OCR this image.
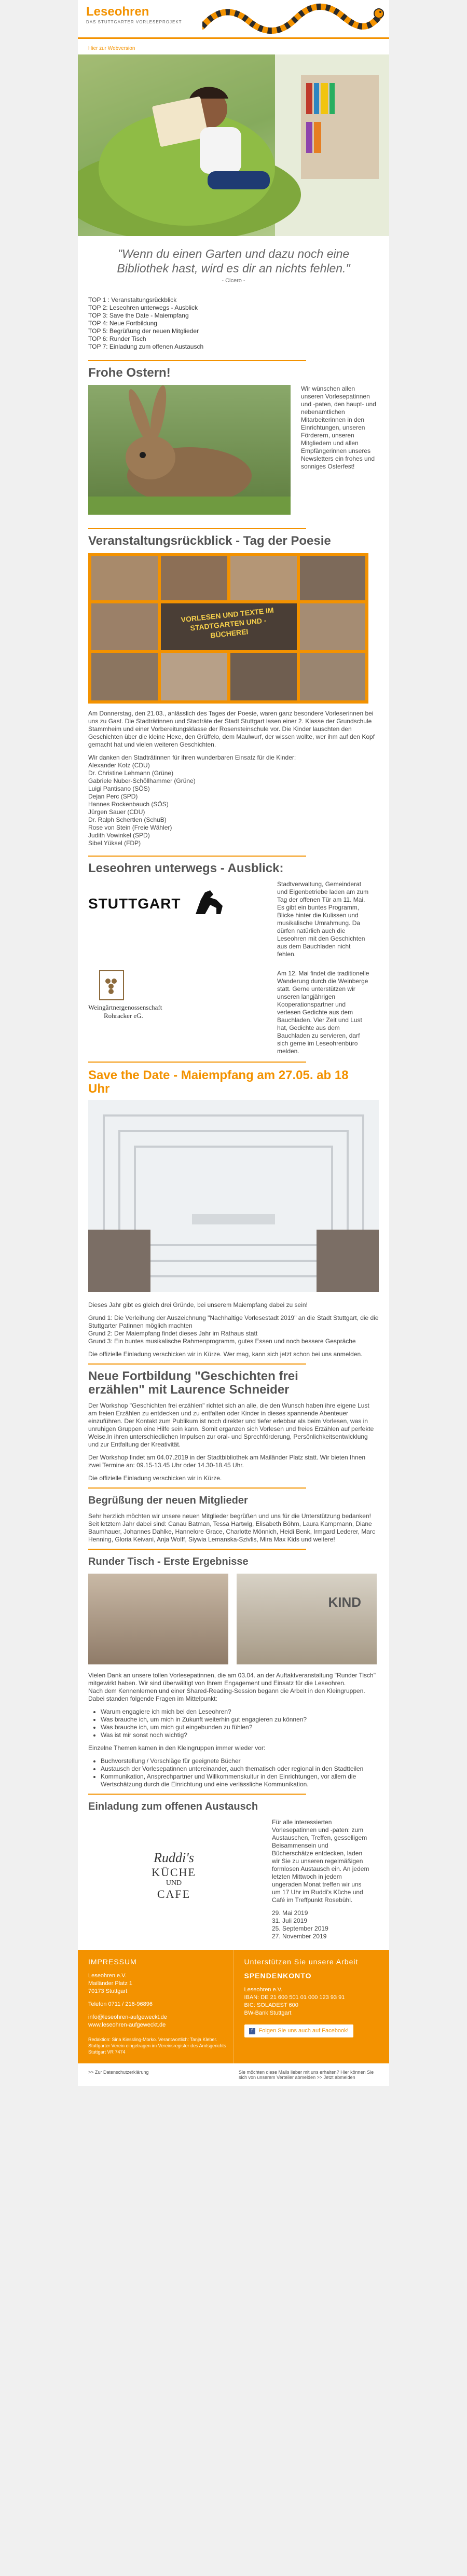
Leseohren
DAS STUTTGARTER VORLESEPROJEKT
Hier zur Webversion
"Wenn du einen Garten und dazu noch eine Bibliothek hast, wird es dir an nichts fehlen."
- Cicero -
TOP 1 : Veranstaltungsrückblick
TOP 2: Leseohren unterwegs - Ausblick
TOP 3: Save the Date - Maiempfang
TOP 4: Neue Fortbildung
TOP 5: Begrüßung der neuen Mitglieder
TOP 6: Runder Tisch
TOP 7: Einladung zum offenen Austausch
Frohe Ostern!

Wir wünschen allen unseren Vorlesepatinnen und -paten, den haupt- und nebenamtlichen Mitarbeiterinnen in den Einrichtungen, unseren Förderern, unseren Mitgliedern und allen Empfängerinnen unseres Newsletters ein frohes und sonniges Osterfest!

Veranstaltungsrückblick - Tag der Poesie
VORLESEN UND TEXTE IM STADTGARTEN UND -BÜCHEREI

Am Donnerstag, den 21.03., anlässlich des Tages der Poesie, waren ganz besondere Vorleserinnen bei uns zu Gast. Die Stadträtinnen und Stadträte der Stadt Stuttgart lasen einer 2. Klasse der Grundschule Stammheim und einer Vorbereitungsklasse der Rosensteinschule vor. Die Kinder lauschten den Geschichten über die kleine Hexe, den Grüffelo, dem Maulwurf, der wissen wollte, wer ihm auf den Kopf gemacht hat und vielen weiteren Geschichten.

Wir danken den Stadträtinnen für ihren wunderbaren Einsatz für die Kinder:

Alexander Kotz (CDU)
Dr. Christine Lehmann (Grüne)
Gabriele Nuber-Schöllhammer (Grüne)
Luigi Pantisano (SÖS)
Dejan Perc (SPD)
Hannes Rockenbauch (SÖS)
Jürgen Sauer (CDU)
Dr. Ralph Schertlen (SchuB)
Rose von Stein (Freie Wähler)
Judith Vowinkel (SPD)
Sibel Yüksel (FDP)
Leseohren unterwegs - Ausblick:
STUTTGART

Stadtverwaltung, Gemeinderat und Eigenbetriebe laden am zum Tag der offenen Tür am 11. Mai. Es gibt ein buntes Programm, Blicke hinter die Kulissen und musikalische Umrahmung. Da dürfen natürlich auch die Leseohren mit den Geschichten aus dem Bauchladen nicht fehlen.

Weingärtnergenossenschaft
Rohracker eG.

Am 12. Mai findet die traditionelle Wanderung durch die Weinberge statt. Gerne unterstützen wir unseren langjährigen Kooperationspartner und verlesen Gedichte aus dem Bauchladen. Vier Zeit und Lust hat, Gedichte aus dem Bauchladen zu servieren, darf sich gerne im Leseohrenbüro melden.

Save the Date - Maiempfang am 27.05. ab 18 Uhr

Dieses Jahr gibt es gleich drei Gründe, bei unserem Maiempfang dabei zu sein!

Grund 1: Die Verleihung der Auszeichnung "Nachhaltige Vorlesestadt 2019" an die Stadt Stuttgart, die die Stuttgarter Patinnen möglich machten

Grund 2: Der Maiempfang findet dieses Jahr im Rathaus statt

Grund 3: Ein buntes musikalische Rahmenprogramm, gutes Essen und noch bessere Gespräche

Die offizielle Einladung verschicken wir in Kürze. Wer mag, kann sich jetzt schon bei uns anmelden.

Neue Fortbildung "Geschichten frei erzählen" mit Laurence Schneider

Der Workshop "Geschichten frei erzählen" richtet sich an alle, die den Wunsch haben ihre eigene Lust am freien Erzählen zu entdecken und zu entfalten oder Kinder in dieses spannende Abenteuer einzuführen. Der Kontakt zum Publikum ist noch direkter und tiefer erlebbar als beim Vorlesen, was in unruhigen Gruppen eine Hilfe sein kann. Somit erganzen sich Vorlesen und freies Erzählen auf perfekte Weise.In ihren unterschiedlichen Impulsen zur oral- und Sprechförderung, Persönlichkeitsentwicklung und zur Entfaltung der Kreativität.

Der Workshop findet am 04.07.2019 in der Stadtbibliothek am Mailänder Platz statt. Wir bieten Ihnen zwei Termine an: 09.15-13.45 Uhr oder 14.30-18.45 Uhr.

Die offizielle Einladung verschicken wir in Kürze.

Begrüßung der neuen Mitglieder

Sehr herzlich möchten wir unsere neuen Mitglieder begrüßen und uns für die Unterstützung bedanken! Seit letztem Jahr dabei sind: Canau Batman, Tessa Hartwig, Elisabeth Böhm, Laura Kampmann, Diane Baumhauer, Johannes Dahlke, Hannelore Grace, Charlotte Mönnich, Heidi Benk, Irmgard Lederer, Marc Henning, Gloria Keivani, Anja Wolff, Siywia Lemanska-Szivlis, Mira Max Kids und weitere!

Runder Tisch - Erste Ergebnisse
KIND

Vielen Dank an unsere tollen Vorlesepatinnen, die am 03.04. an der Auftaktveranstaltung "Runder Tisch" mitgewirkt haben. Wir sind überwältigt von Ihrem Engagement und Einsatz für die Leseohren.

Nach dem Kennenlernen und einer Shared-Reading-Session begann die Arbeit in den Kleingruppen. Dabei standen folgende Fragen im Mittelpunkt:

• Warum engagiere ich mich bei den Leseohren?
• Was brauche ich, um mich in Zukunft weiterhin gut engagieren zu können?
• Was brauche ich, um mich gut eingebunden zu fühlen?
• Was ist mir sonst noch wichtig?

Einzelne Themen kamen in den Kleingruppen immer wieder vor:

• Buchvorstellung / Vorschläge für geeignete Bücher
• Austausch der Vorlesepatinnen untereinander, auch thematisch oder regional in den Stadtteilen
• Kommunikation, Ansprechpartner und Willkommenskultur in den Einrichtungen, vor allem die Wertschätzung durch die Einrichtung und eine verlässliche Kommunikation.
Einladung zum offenen Austausch
Ruddi's
KÜCHE
UND
CAFE

Für alle interessierten Vorlesepatinnen und -paten: zum Austauschen, Treffen, gesselligem Beisammensein und Bücherschätze entdecken, laden wir Sie zu unseren regelmäßigen formlosen Austausch ein. An jedem letzten Mittwoch in jedem ungeraden Monat treffen wir uns um 17 Uhr im Ruddi's Küche und Café im Treffpunkt Rosebühl.

29. Mai 2019
31. Juli 2019
25. September 2019
27. November 2019
IMPRESSUM
Leseohren e.V.
Mailänder Platz 1
70173 Stuttgart
Telefon 0711 / 216-96896
info@leseohren-aufgeweckt.de
www.leseohren-aufgeweckt.de
Redaktion: Sina Kiessling-Morko. Verantwortlich: Tanja Kleber. Stuttgarter Verein eingetragen im Vereinsregister des Amtsgerichts Stuttgart VR 7474
Unterstützen Sie unsere Arbeit
SPENDENKONTO
Leseohren e.V.
IBAN: DE 21 600 501 01 000 123 93 91
BIC: SOLADEST 600
BW-Bank Stuttgart
f Folgen Sie uns auch auf Facebook!
>> Zur Datenschutzerklärung	Sie möchten diese Mails lieber mit uns erhalten? Hier können Sie sich von unserem Verteiler abmelden >> Jetzt abmelden
